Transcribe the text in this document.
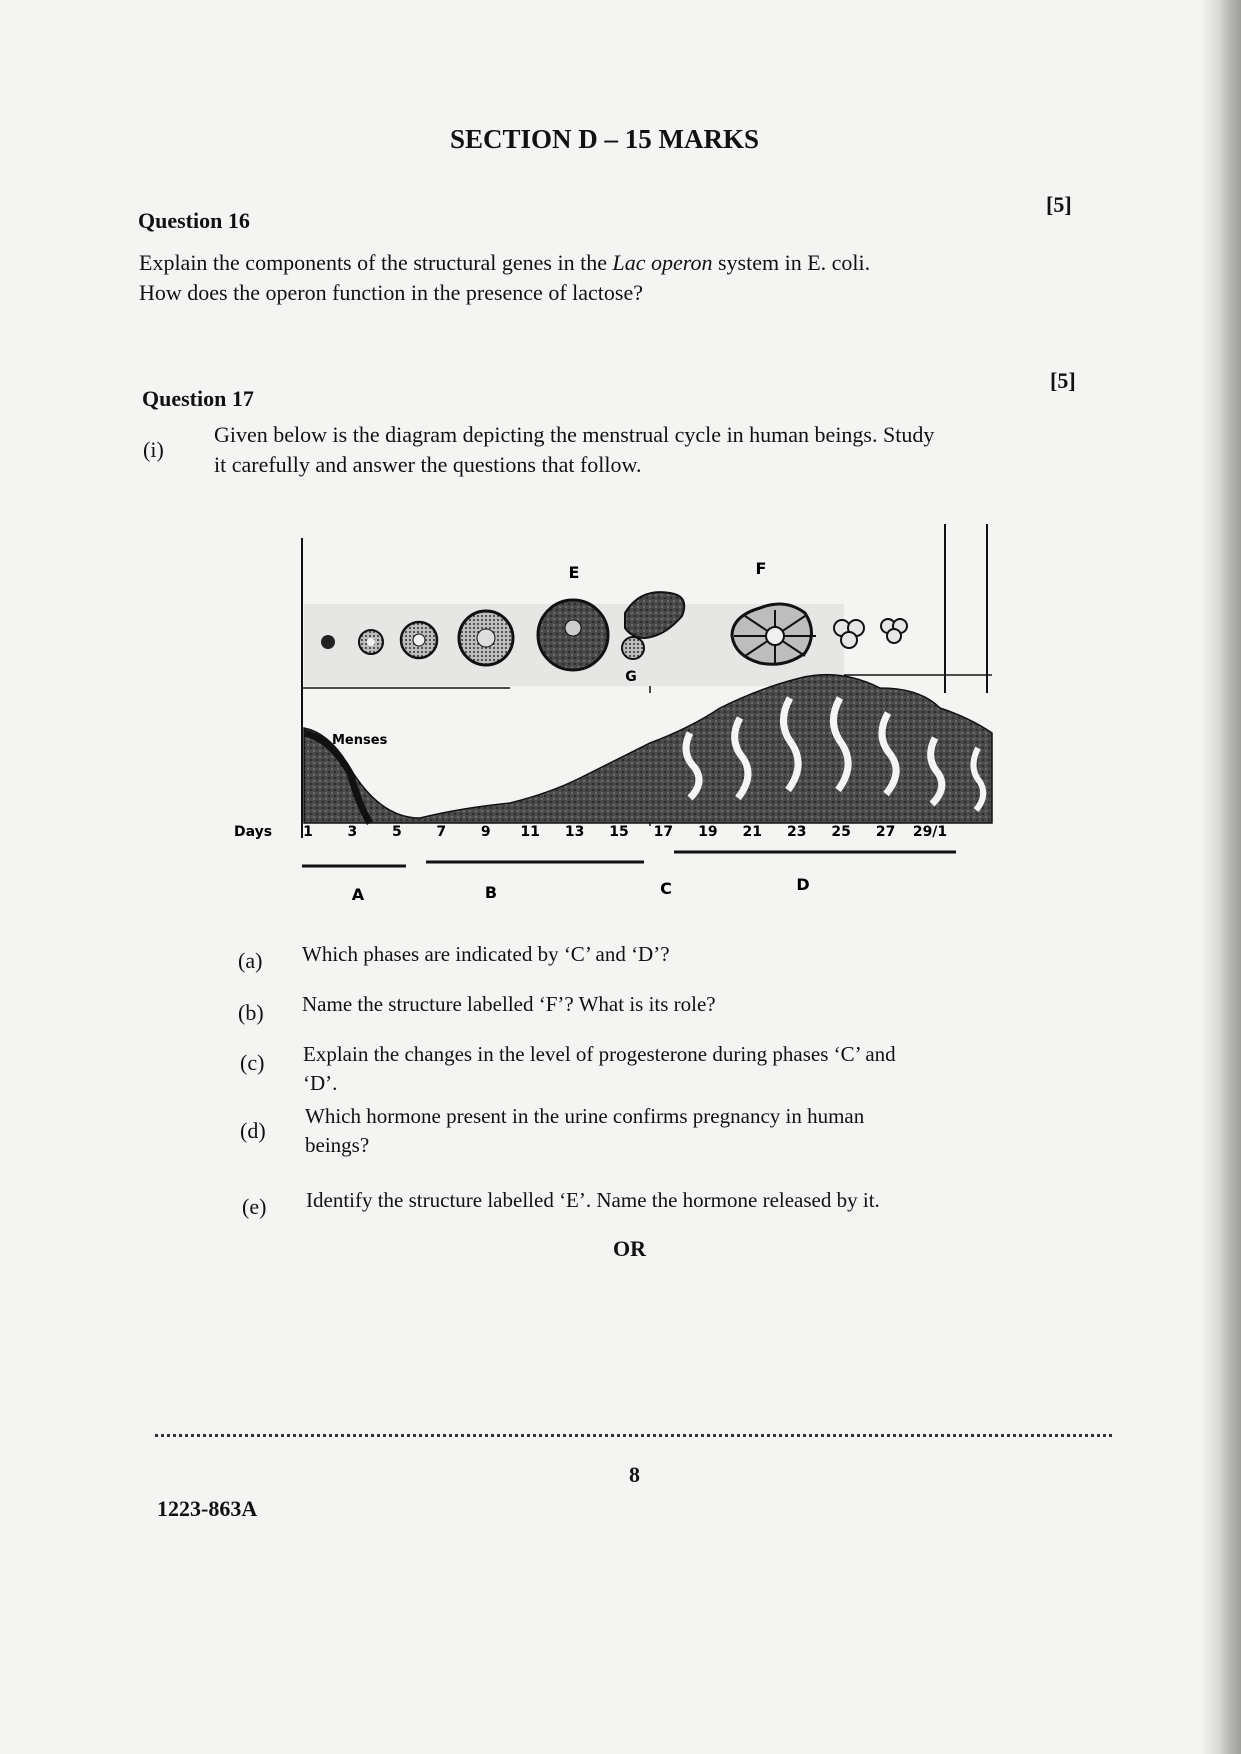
SECTION D – 15 MARKS
Question 16
[5]
Explain the components of the structural genes in the Lac operon system in E. coli.
How does the operon function in the presence of lactose?
Question 17
[5]
(i)
Given below is the diagram depicting the menstrual cycle in human beings. Study
it carefully and answer the questions that follow.
E	F
G
Menses
Days 1 3 5 7 9 11 13 15 17 19 21 23 25 27 29/1
A	B	C	D
(a) Which phases are indicated by ‘C’ and ‘D’?
(b) Name the structure labelled ‘F’? What is its role?
(c) Explain the changes in the level of progesterone during phases ‘C’ and
‘D’.
(d)
Which hormone present in the urine confirms pregnancy in human
beings?
(e) Identify the structure labelled ‘E’. Name the hormone released by it.
OR
8
1223-863A
